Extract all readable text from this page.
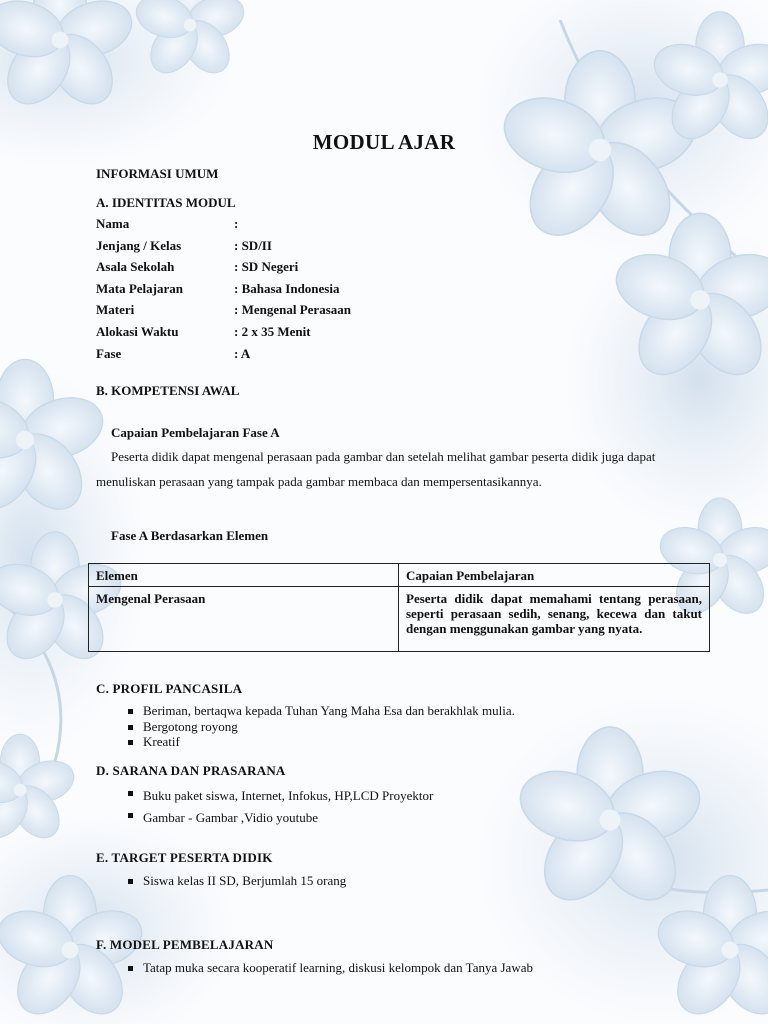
MODUL AJAR
INFORMASI UMUM
A. IDENTITAS MODUL
Nama	:
Jenjang / Kelas	: SD/II
Asala Sekolah	: SD Negeri
Mata Pelajaran	: Bahasa Indonesia
Materi	: Mengenal Perasaan
Alokasi Waktu	: 2 x 35 Menit
Fase	: A
B. KOMPETENSI AWAL
Capaian Pembelajaran Fase A
Peserta didik dapat mengenal perasaan pada gambar dan setelah melihat gambar peserta didik juga dapat menuliskan perasaan yang tampak pada gambar membaca dan mempersentasikannya.
Fase A Berdasarkan Elemen
Elemen	Capaian Pembelajaran
Mengenal Perasaan	Peserta didik dapat memahami tentang perasaan, seperti perasaan sedih, senang, kecewa dan takut dengan menggunakan gambar yang nyata.
C. PROFIL PANCASILA
Beriman, bertaqwa kepada Tuhan Yang Maha Esa dan berakhlak mulia.
Bergotong royong
Kreatif
D. SARANA DAN PRASARANA
Buku paket siswa, Internet, Infokus, HP,LCD Proyektor
Gambar - Gambar ,Vidio youtube
E. TARGET PESERTA DIDIK
Siswa kelas II SD, Berjumlah 15 orang
F. MODEL PEMBELAJARAN
Tatap muka secara kooperatif learning, diskusi kelompok dan Tanya Jawab
